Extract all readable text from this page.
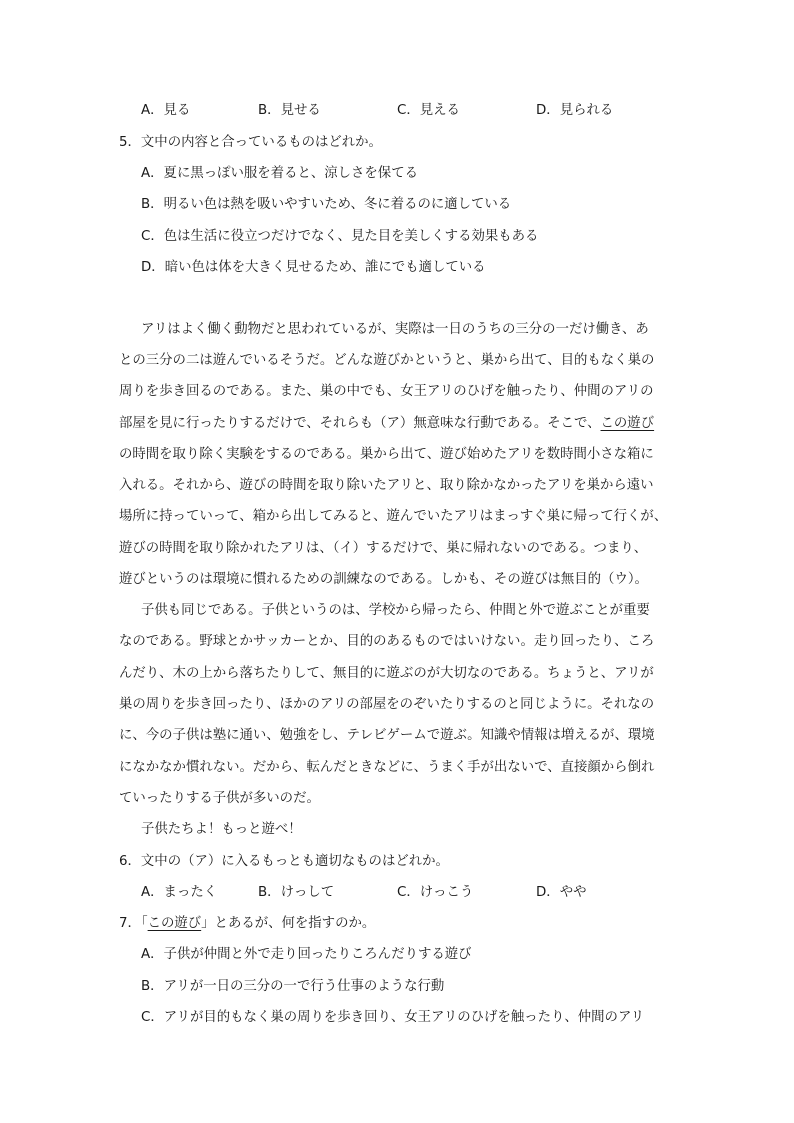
A．見る	B．見せる	C．見える	D．見られる
5．文中の内容と合っているものはどれか。
A．夏に黒っぽい服を着ると、涼しさを保てる
B．明るい色は熱を吸いやすいため、冬に着るのに適している
C．色は生活に役立つだけでなく、見た目を美しくする効果もある
D．暗い色は体を大きく見せるため、誰にでも適している
アリはよく働く動物だと思われているが、実際は一日のうちの三分の一だけ働き、あ
との三分の二は遊んでいるそうだ。どんな遊びかというと、巣から出て、目的もなく巣の
周りを歩き回るのである。また、巣の中でも、女王アリのひげを触ったり、仲間のアリの
部屋を見に行ったりするだけで、それらも（ア）無意味な行動である。そこで、この遊び
の時間を取り除く実験をするのである。巣から出て、遊び始めたアリを数時間小さな箱に
入れる。それから、遊びの時間を取り除いたアリと、取り除かなかったアリを巣から遠い
場所に持っていって、箱から出してみると、遊んでいたアリはまっすぐ巣に帰って行くが、
遊びの時間を取り除かれたアリは、（イ）するだけで、巣に帰れないのである。つまり、
遊びというのは環境に慣れるための訓練なのである。しかも、その遊びは無目的（ウ）。
子供も同じである。子供というのは、学校から帰ったら、仲間と外で遊ぶことが重要
なのである。野球とかサッカーとか、目的のあるものではいけない。走り回ったり、ころ
んだり、木の上から落ちたりして、無目的に遊ぶのが大切なのである。ちょうと、アリが
巣の周りを歩き回ったり、ほかのアリの部屋をのぞいたりするのと同じように。それなの
に、今の子供は塾に通い、勉強をし、テレビゲームで遊ぶ。知識や情報は増えるが、環境
になかなか慣れない。だから、転んだときなどに、うまく手が出ないで、直接顔から倒れ
ていったりする子供が多いのだ。
子供たちよ！もっと遊べ！
6．文中の（ア）に入るもっとも適切なものはどれか。
A．まったく	B．けっして	C．けっこう	D．やや
7．「この遊び」とあるが、何を指すのか。
A．子供が仲間と外で走り回ったりころんだりする遊び
B．アリが一日の三分の一で行う仕事のような行動
C．アリが目的もなく巣の周りを歩き回り、女王アリのひげを触ったり、仲間のアリ
